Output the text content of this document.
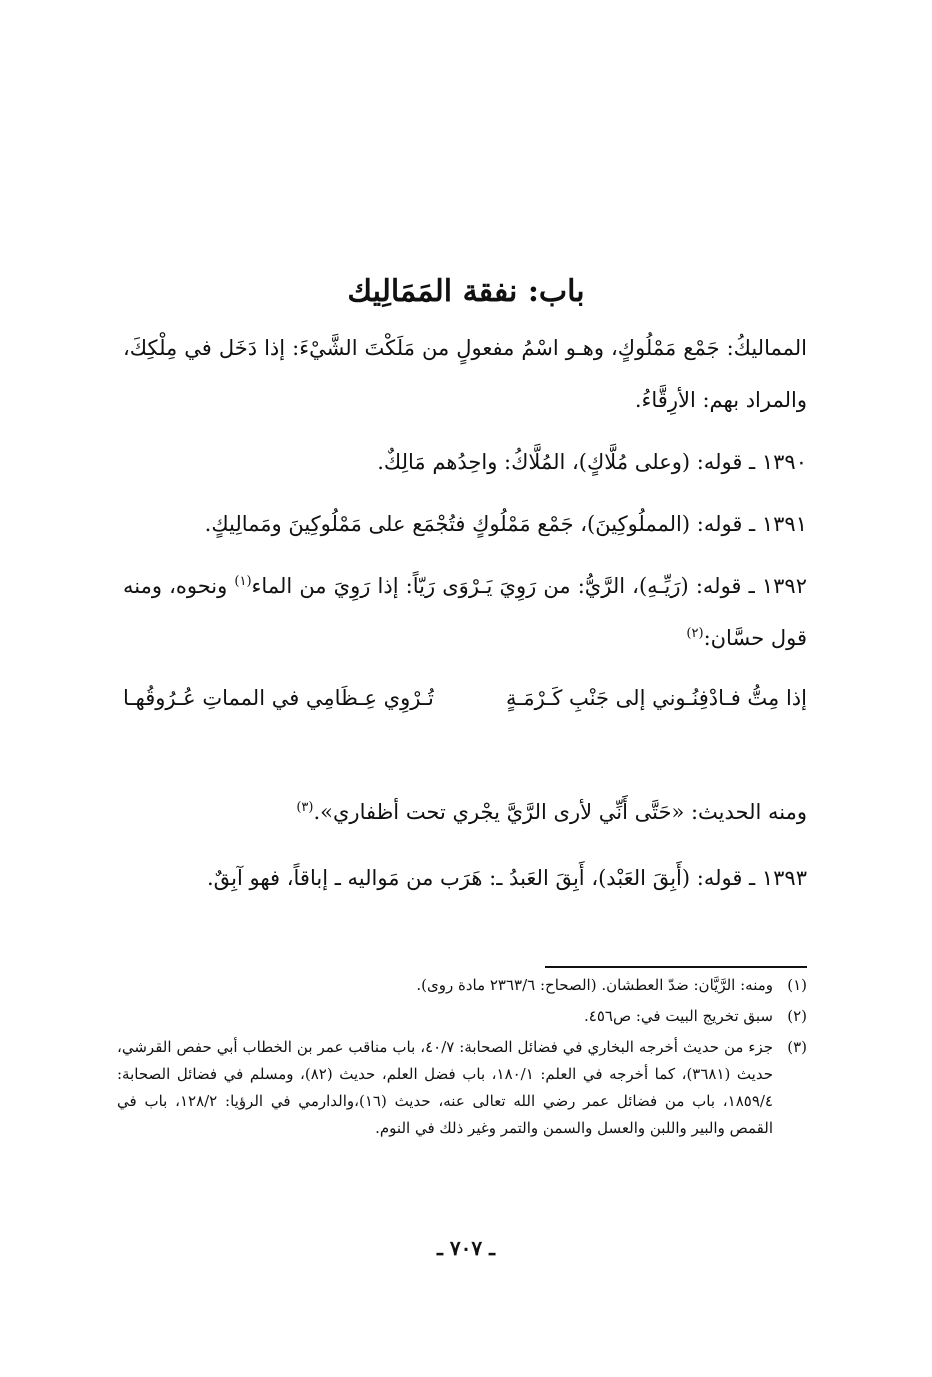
باب: نفقة المَمَالِيك

المماليكُ: جَمْع مَمْلُوكٍ، وهـو اسْمُ مفعولٍ من مَلَكْتَ الشَّيْءَ: إذا دَخَل في مِلْكِكَ، والمراد بهم: الأرِقَّاءُ.

١٣٩٠ ـ قوله: (وعلى مُلَّاكٍ)، المُلَّاكُ: واحِدُهم مَالِكٌ.

١٣٩١ ـ قوله: (المملُوكِينَ)، جَمْع مَمْلُوكٍ فتُجْمَع على مَمْلُوكِينَ ومَمالِيكٍ.

١٣٩٢ ـ قوله: (رَيِّـهِ)، الرَّيُّ: من رَوِيَ يَـرْوَى رَيّاً: إذا رَوِيَ من الماء$^{(١)}$ ونحوه، ومنه قول حسَّان:$^{(٢)}$

إذا مِتُّ فـادْفِنُـوني إلى جَنْبِ كَـرْمَـةٍ
تُـرْوِي عِـظَامِي في المماتِ عُـرُوقُهـا

ومنه الحديث: «حَتَّى أَنِّي لأرى الرَّيَّ يجْري تحت أظفاري».$^{(٣)}$

١٣٩٣ ـ قوله: (أَبِقَ العَبْد)، أَبِقَ العَبدُ ـ: هَرَب من مَواليه ـ إباقاً، فهو آبِقٌ.

(١)
ومنه: الرَّيَّان: ضدّ العطشان. (الصحاح: ٢٣٦٣/٦ مادة روى).
(٢)
سبق تخريج البيت في: ص٤٥٦.
(٣)
جزء من حديث أخرجه البخاري في فضائل الصحابة: ٤٠/٧، باب مناقب عمر بن الخطاب أبي حفص القرشي، حديث (٣٦٨١)، كما أخرجه في العلم: ١٨٠/١، باب فضل العلم، حديث (٨٢)، ومسلم في فضائل الصحابة: ١٨٥٩/٤، باب من فضائل عمر رضي الله تعالى عنه، حديث (١٦)،والدارمي في الرؤيا: ١٢٨/٢، باب في القمص والبير واللبن والعسل والسمن والتمر وغير ذلك في النوم.
ـ ٧٠٧ ـ
